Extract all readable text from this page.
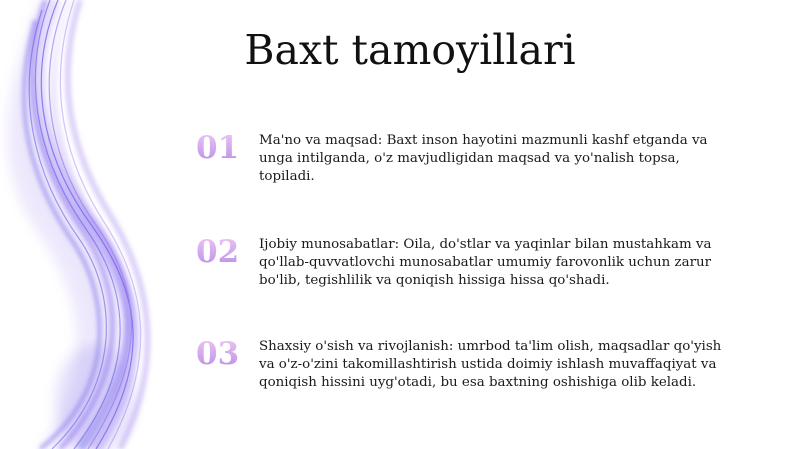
Baxt tamoyillari
01	Ma'no va maqsad: Baxt inson hayotini mazmunli kashf etganda va unga intilganda, o'z mavjudligidan maqsad va yo'nalish topsa, topiladi.

02	Ijobiy munosabatlar: Oila, do'stlar va yaqinlar bilan mustahkam va qo'llab-quvvatlovchi munosabatlar umumiy farovonlik uchun zarur bo'lib, tegishlilik va qoniqish hissiga hissa qo'shadi.

03	Shaxsiy o'sish va rivojlanish: umrbod ta'lim olish, maqsadlar qo'yish va o'z-o'zini takomillashtirish ustida doimiy ishlash muvaffaqiyat va qoniqish hissini uyg'otadi, bu esa baxtning oshishiga olib keladi.
